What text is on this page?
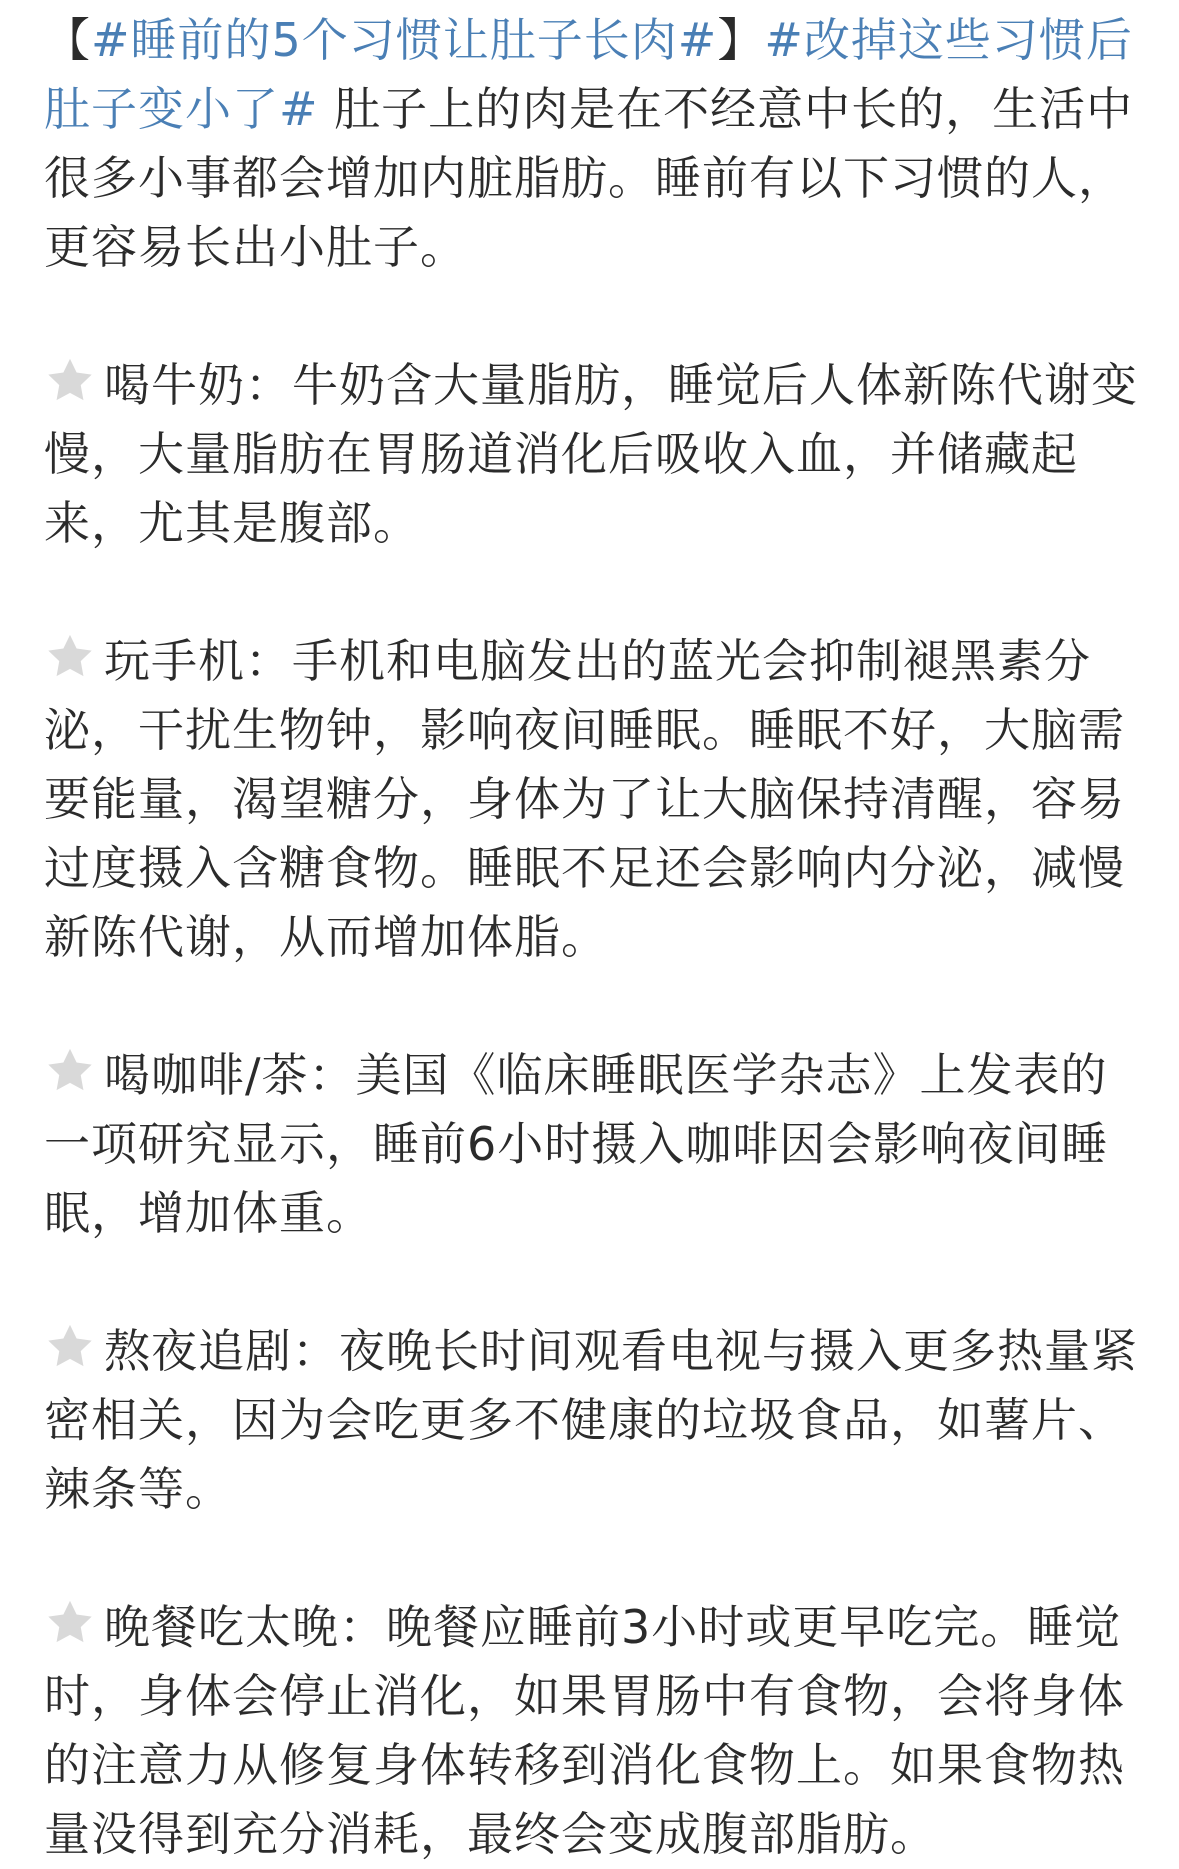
【#睡前的5个习惯让肚子长肉#】#改掉这些习惯后肚子变小了# 肚子上的肉是在不经意中长的，生活中很多小事都会增加内脏脂肪。睡前有以下习惯的人，更容易长出小肚子。

喝牛奶：牛奶含大量脂肪，睡觉后人体新陈代谢变慢，大量脂肪在胃肠道消化后吸收入血，并储藏起来，尤其是腹部。

玩手机：手机和电脑发出的蓝光会抑制褪黑素分泌，干扰生物钟，影响夜间睡眠。睡眠不好，大脑需要能量，渴望糖分，身体为了让大脑保持清醒，容易过度摄入含糖食物。睡眠不足还会影响内分泌，减慢新陈代谢，从而增加体脂。

喝咖啡/茶：美国《临床睡眠医学杂志》上发表的一项研究显示，睡前6小时摄入咖啡因会影响夜间睡眠，增加体重。

熬夜追剧：夜晚长时间观看电视与摄入更多热量紧密相关，因为会吃更多不健康的垃圾食品，如薯片、辣条等。

晚餐吃太晚：晚餐应睡前3小时或更早吃完。睡觉时，身体会停止消化，如果胃肠中有食物，会将身体的注意力从修复身体转移到消化食物上。如果食物热量没得到充分消耗，最终会变成腹部脂肪。
